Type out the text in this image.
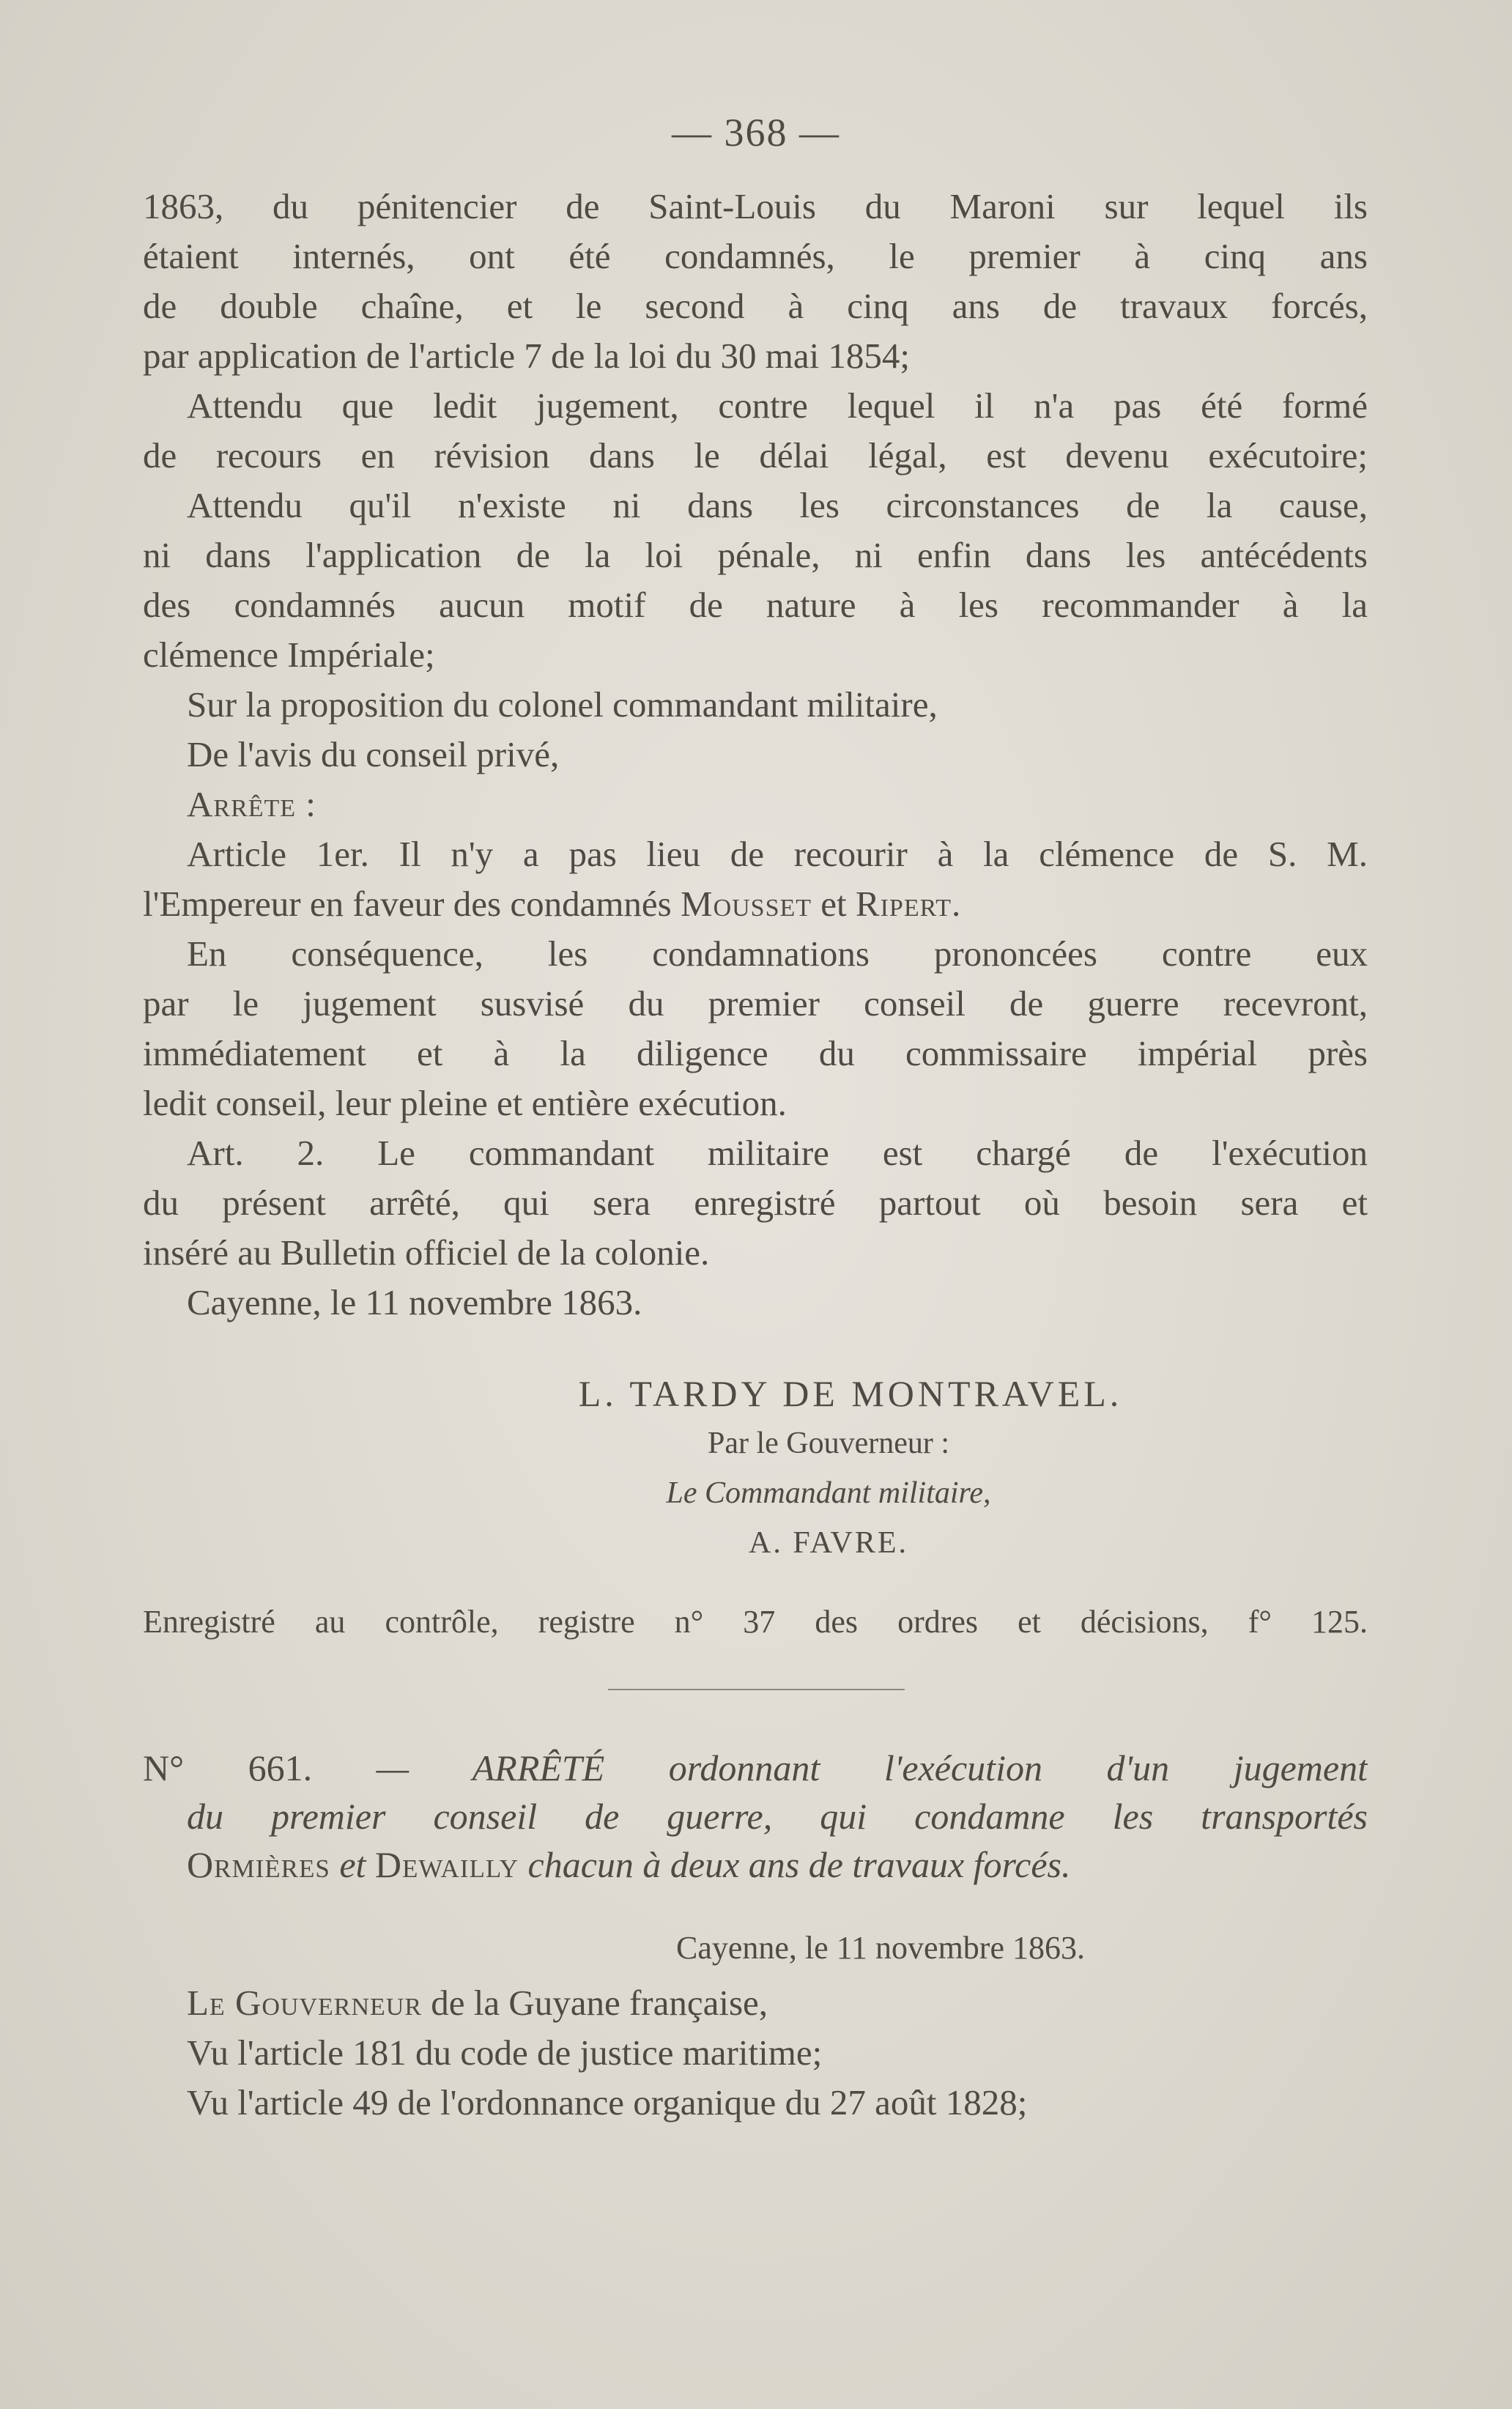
— 368 —
1863, du pénitencier de Saint-Louis du Maroni sur lequel ils
étaient internés, ont été condamnés, le premier à cinq ans
de double chaîne, et le second à cinq ans de travaux forcés,
par application de l'article 7 de la loi du 30 mai 1854;
Attendu que ledit jugement, contre lequel il n'a pas été formé
de recours en révision dans le délai légal, est devenu exécutoire;
Attendu qu'il n'existe ni dans les circonstances de la cause,
ni dans l'application de la loi pénale, ni enfin dans les antécédents
des condamnés aucun motif de nature à les recommander à la
clémence Impériale;
Sur la proposition du colonel commandant militaire,
De l'avis du conseil privé,
Arrête :
Article 1er. Il n'y a pas lieu de recourir à la clémence de S. M.
l'Empereur en faveur des condamnés Mousset et Ripert.
En conséquence, les condamnations prononcées contre eux
par le jugement susvisé du premier conseil de guerre recevront,
immédiatement et à la diligence du commissaire impérial près
ledit conseil, leur pleine et entière exécution.
Art. 2. Le commandant militaire est chargé de l'exécution
du présent arrêté, qui sera enregistré partout où besoin sera et
inséré au Bulletin officiel de la colonie.
Cayenne, le 11 novembre 1863.
L. TARDY DE MONTRAVEL.
Par le Gouverneur :
Le Commandant militaire,
A. FAVRE.
Enregistré au contrôle, registre n° 37 des ordres et décisions, f° 125.
N° 661. — ARRÊTÉ ordonnant l'exécution d'un jugement
du premier conseil de guerre, qui condamne les transportés
Ormières et Dewailly chacun à deux ans de travaux forcés.
Cayenne, le 11 novembre 1863.
Le Gouverneur de la Guyane française,
Vu l'article 181 du code de justice maritime;
Vu l'article 49 de l'ordonnance organique du 27 août 1828;
